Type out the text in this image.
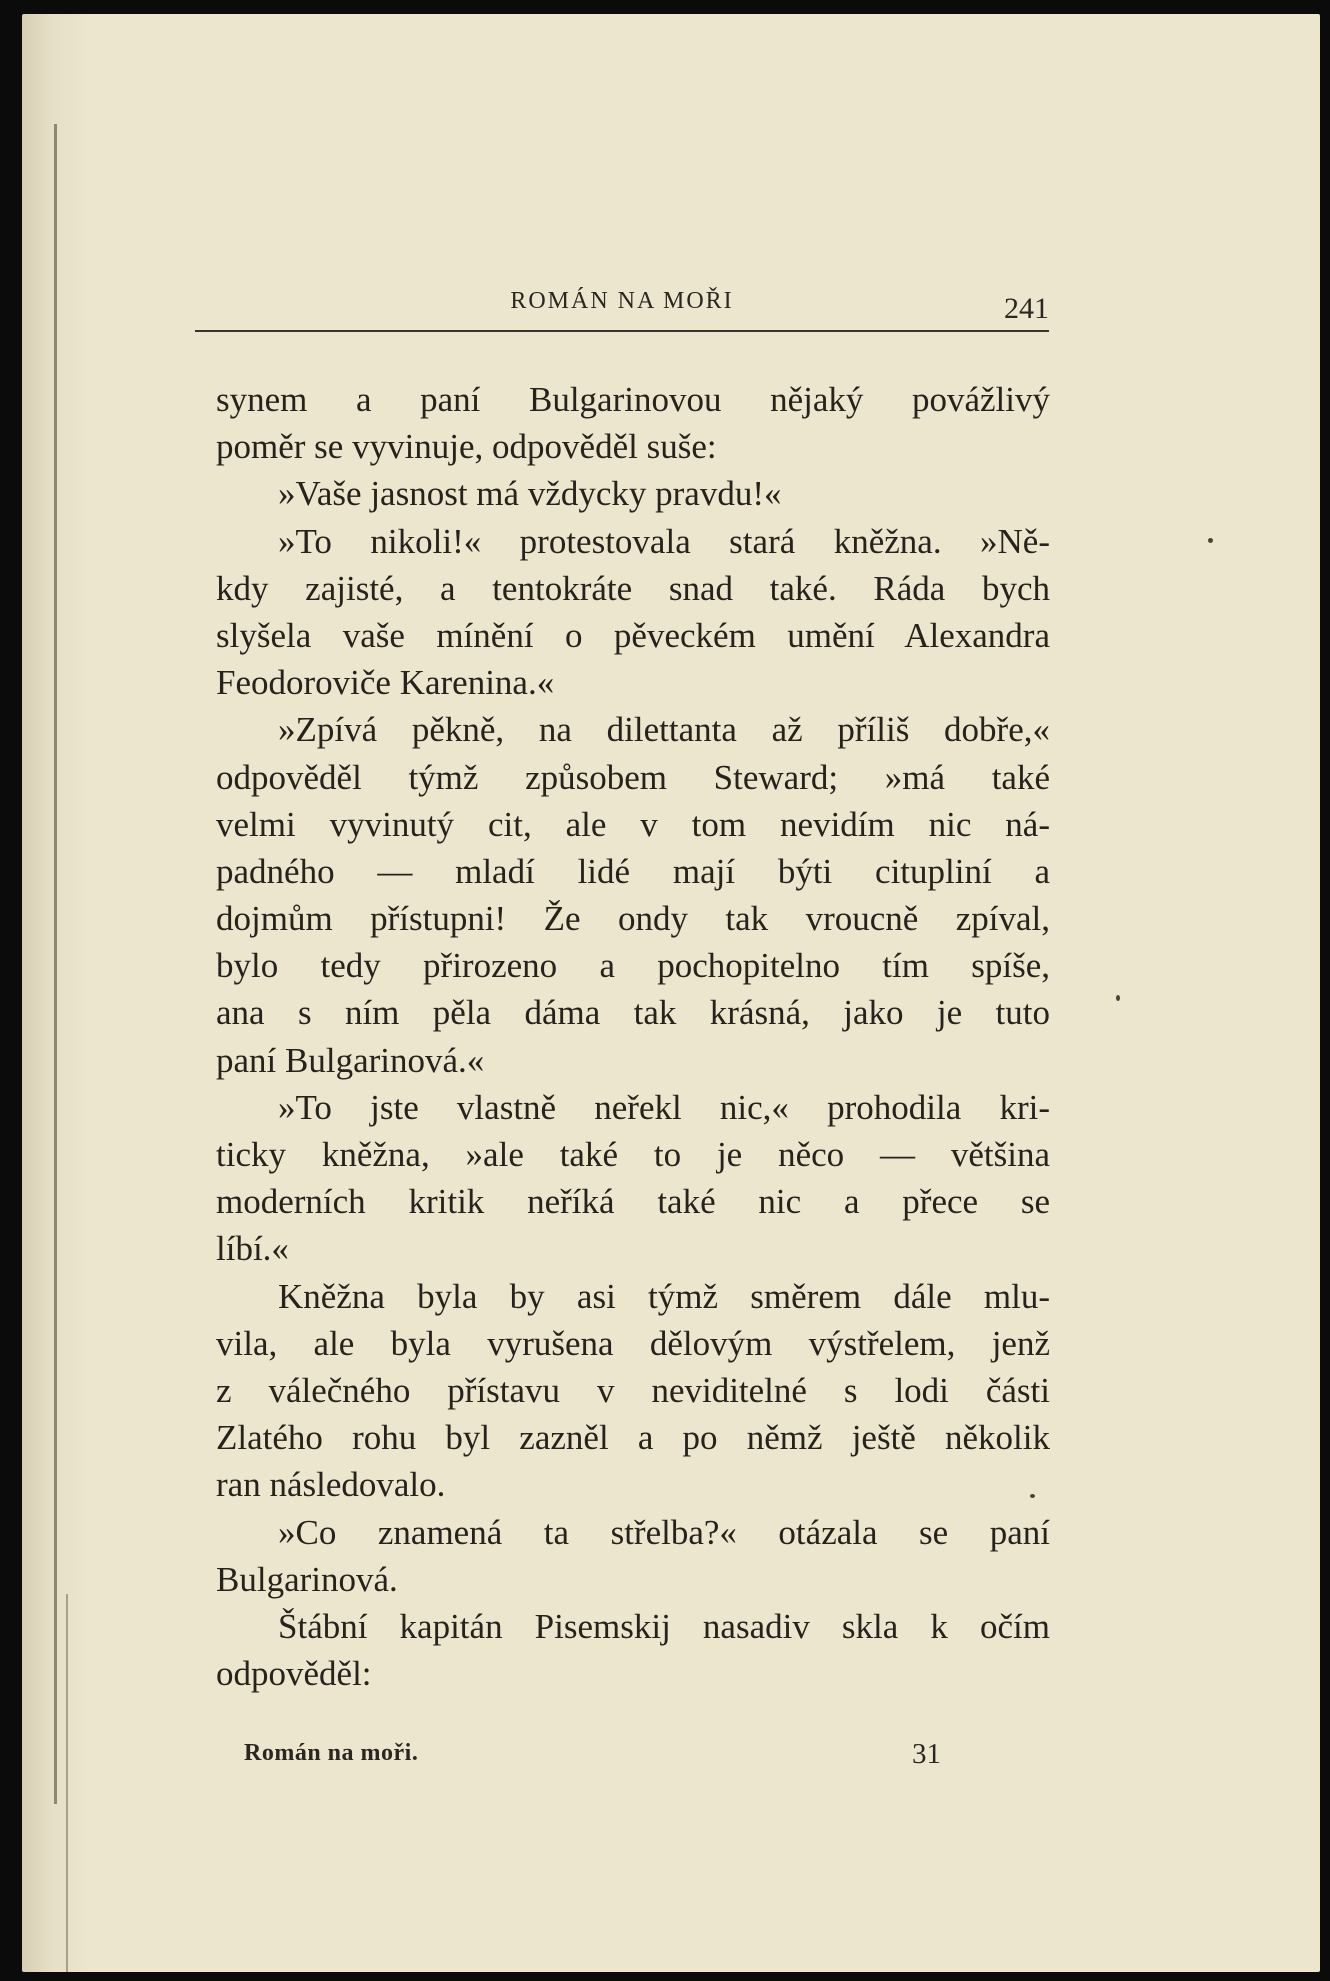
ROMÁN NA MOŘI	241
synem a paní Bulgarinovou nějaký povážlivý
poměr se vyvinuje, odpověděl suše:
»Vaše jasnost má vždycky pravdu!«
»To nikoli!« protestovala stará kněžna. »Ně-
kdy zajisté, a tentokráte snad také. Ráda bych
slyšela vaše mínění o pěveckém umění Alexandra
Feodoroviče Karenina.«
»Zpívá pěkně, na dilettanta až příliš dobře,«
odpověděl týmž způsobem Steward; »má také
velmi vyvinutý cit, ale v tom nevidím nic ná-
padného — mladí lidé mají býti citupliní a
dojmům přístupni! Že ondy tak vroucně zpíval,
bylo tedy přirozeno a pochopitelno tím spíše,
ana s ním pěla dáma tak krásná, jako je tuto
paní Bulgarinová.«
»To jste vlastně neřekl nic,« prohodila kri-
ticky kněžna, »ale také to je něco — většina
moderních kritik neříká také nic a přece se
líbí.«
Kněžna byla by asi týmž směrem dále mlu-
vila, ale byla vyrušena dělovým výstřelem, jenž
z válečného přístavu v neviditelné s lodi části
Zlatého rohu byl zazněl a po němž ještě několik
ran následovalo.
»Co znamená ta střelba?« otázala se paní
Bulgarinová.
Štábní kapitán Pisemskij nasadiv skla k očím
odpověděl:
Román na moři.	31
